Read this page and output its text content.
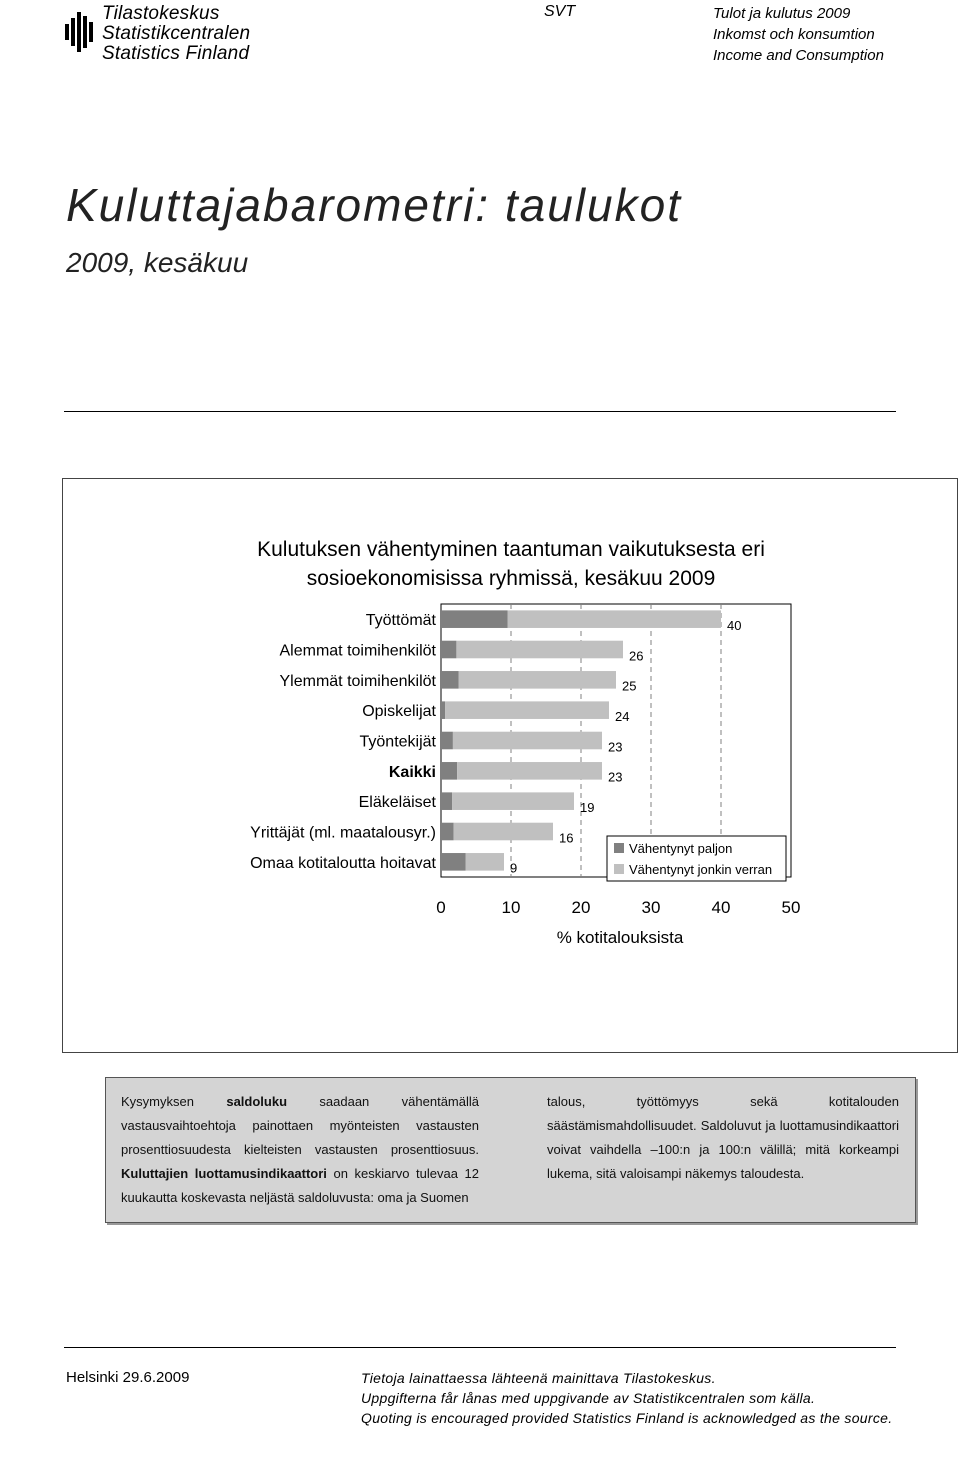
Tilastokeskus
Statistikcentralen
Statistics Finland
SVT	Tulot ja kulutus 2009
Inkomst och konsumtion
Income and Consumption
Kuluttajabarometri: taulukot
2009, kesäkuu
Kulutuksen vähentyminen taantuman vaikutuksesta eri
sosioekonomisissa ryhmissä, kesäkuu 2009
Työttömät	40
Alemmat toimihenkilöt	26
Ylemmät toimihenkilöt	25
Opiskelijat	24
Työntekijät	23
Kaikki	23
Eläkeläiset	19
Yrittäjät (ml. maatalousyr.)	16
Omaa kotitaloutta hoitavat	9
0	10	20	30	40	50
% kotitalouksista
Vähentynyt paljon
Vähentynyt jonkin verran
Kysymyksen saldoluku saadaan vähentämällä vastausvaihtoehtoja painottaen myönteisten vastausten prosenttiosuudesta kielteisten vastausten prosenttiosuus. Kuluttajien luottamusindikaattori on keskiarvo tulevaa 12 kuukautta koskevasta neljästä saldoluvusta: oma ja Suomen
talous, työttömyys sekä kotitalouden säästämismahdollisuudet. Saldoluvut ja luottamusindikaattori voivat vaihdella –100:n ja 100:n välillä; mitä korkeampi lukema, sitä valoisampi näkemys taloudesta.
Helsinki 29.6.2009	Tietoja lainattaessa lähteenä mainittava Tilastokeskus.
Uppgifterna får lånas med uppgivande av Statistikcentralen som källa.
Quoting is encouraged provided Statistics Finland is acknowledged as the source.
